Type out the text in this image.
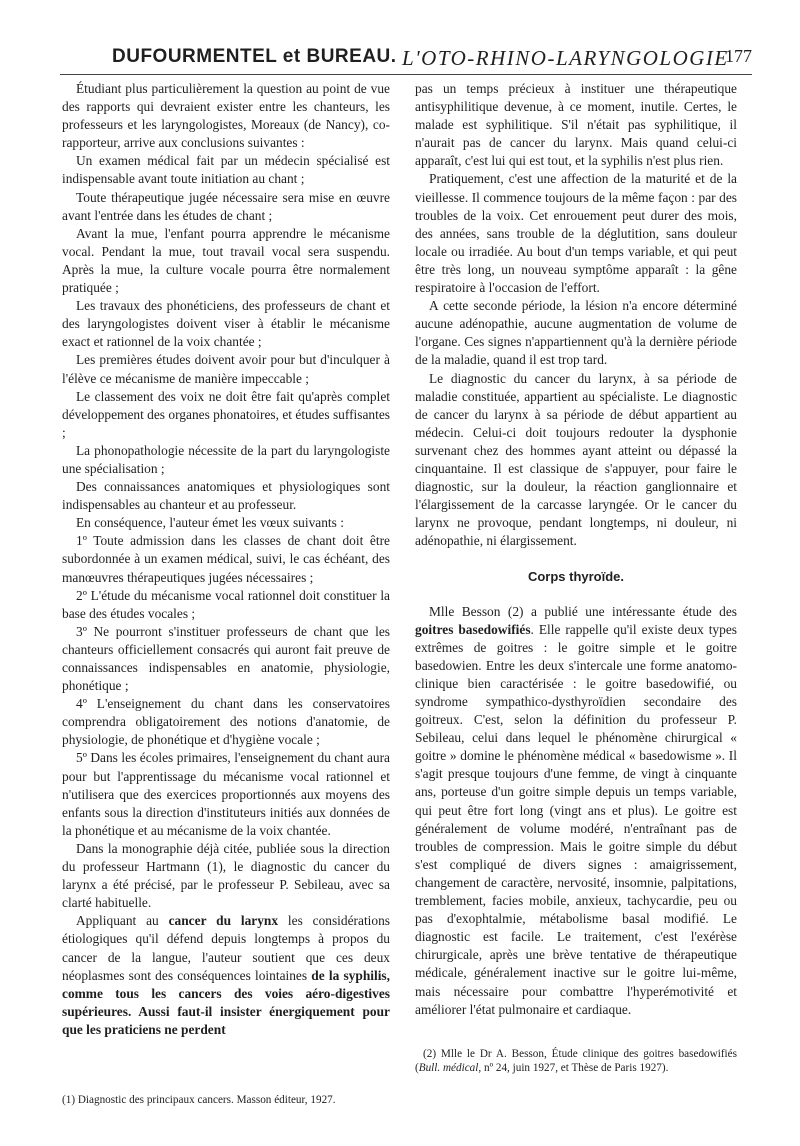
DUFOURMENTEL et BUREAU. L'OTO-RHINO-LARYNGOLOGIE
177

Étudiant plus particulièrement la question au point de vue des rapports qui devraient exister entre les chanteurs, les professeurs et les laryngologistes, Moreaux (de Nancy), co-rapporteur, arrive aux conclusions suivantes :

Un examen médical fait par un médecin spécialisé est indispensable avant toute initiation au chant ;

Toute thérapeutique jugée nécessaire sera mise en œuvre avant l'entrée dans les études de chant ;

Avant la mue, l'enfant pourra apprendre le mécanisme vocal. Pendant la mue, tout travail vocal sera suspendu. Après la mue, la culture vocale pourra être normalement pratiquée ;

Les travaux des phonéticiens, des professeurs de chant et des laryngologistes doivent viser à établir le mécanisme exact et rationnel de la voix chantée ;

Les premières études doivent avoir pour but d'inculquer à l'élève ce mécanisme de manière impeccable ;

Le classement des voix ne doit être fait qu'après complet développement des organes phonatoires, et études suffisantes ;

La phonopathologie nécessite de la part du laryngologiste une spécialisation ;

Des connaissances anatomiques et physiologiques sont indispensables au chanteur et au professeur.

En conséquence, l'auteur émet les vœux suivants :

1º Toute admission dans les classes de chant doit être subordonnée à un examen médical, suivi, le cas échéant, des manœuvres thérapeutiques jugées nécessaires ;

2º L'étude du mécanisme vocal rationnel doit constituer la base des études vocales ;

3º Ne pourront s'instituer professeurs de chant que les chanteurs officiellement consacrés qui auront fait preuve de connaissances indispensables en anatomie, physiologie, phonétique ;

4º L'enseignement du chant dans les conservatoires comprendra obligatoirement des notions d'anatomie, de physiologie, de phonétique et d'hygiène vocale ;

5º Dans les écoles primaires, l'enseignement du chant aura pour but l'apprentissage du mécanisme vocal rationnel et n'utilisera que des exercices proportionnés aux moyens des enfants sous la direction d'instituteurs initiés aux données de la phonétique et au mécanisme de la voix chantée.

Dans la monographie déjà citée, publiée sous la direction du professeur Hartmann (1), le diagnostic du cancer du larynx a été précisé, par le professeur P. Sebileau, avec sa clarté habituelle.

Appliquant au cancer du larynx les considérations étiologiques qu'il défend depuis longtemps à propos du cancer de la langue, l'auteur soutient que ces deux néoplasmes sont des conséquences lointaines de la syphilis, comme tous les cancers des voies aéro-digestives supérieures. Aussi faut-il insister énergiquement pour que les praticiens ne perdent

(1) Diagnostic des principaux cancers. Masson éditeur, 1927.

pas un temps précieux à instituer une thérapeutique antisyphilitique devenue, à ce moment, inutile. Certes, le malade est syphilitique. S'il n'était pas syphilitique, il n'aurait pas de cancer du larynx. Mais quand celui-ci apparaît, c'est lui qui est tout, et la syphilis n'est plus rien.

Pratiquement, c'est une affection de la maturité et de la vieillesse. Il commence toujours de la même façon : par des troubles de la voix. Cet enrouement peut durer des mois, des années, sans trouble de la déglutition, sans douleur locale ou irradiée. Au bout d'un temps variable, et qui peut être très long, un nouveau symptôme apparaît : la gêne respiratoire à l'occasion de l'effort.

A cette seconde période, la lésion n'a encore déterminé aucune adénopathie, aucune augmentation de volume de l'organe. Ces signes n'appartiennent qu'à la dernière période de la maladie, quand il est trop tard.

Le diagnostic du cancer du larynx, à sa période de maladie constituée, appartient au spécialiste. Le diagnostic de cancer du larynx à sa période de début appartient au médecin. Celui-ci doit toujours redouter la dysphonie survenant chez des hommes ayant atteint ou dépassé la cinquantaine. Il est classique de s'appuyer, pour faire le diagnostic, sur la douleur, la réaction ganglionnaire et l'élargissement de la carcasse laryngée. Or le cancer du larynx ne provoque, pendant longtemps, ni douleur, ni adénopathie, ni élargissement.

Corps thyroïde.

Mlle Besson (2) a publié une intéressante étude des goitres basedowifiés. Elle rappelle qu'il existe deux types extrêmes de goitres : le goitre simple et le goitre basedowien. Entre les deux s'intercale une forme anatomo-clinique bien caractérisée : le goitre basedowifié, ou syndrome sympathico-dysthyroïdien secondaire des goitreux. C'est, selon la définition du professeur P. Sebileau, celui dans lequel le phénomène chirurgical « goitre » domine le phénomène médical « basedowisme ». Il s'agit presque toujours d'une femme, de vingt à cinquante ans, porteuse d'un goitre simple depuis un temps variable, qui peut être fort long (vingt ans et plus). Le goitre est généralement de volume modéré, n'entraînant pas de troubles de compression. Mais le goitre simple du début s'est compliqué de divers signes : amaigrissement, changement de caractère, nervosité, insomnie, palpitations, tremblement, facies mobile, anxieux, tachycardie, peu ou pas d'exophtalmie, métabolisme basal modifié. Le diagnostic est facile. Le traitement, c'est l'exérèse chirurgicale, après une brève tentative de thérapeutique médicale, généralement inactive sur le goitre lui-même, mais nécessaire pour combattre l'hyperémotivité et améliorer l'état pulmonaire et cardiaque.

(2) Mlle le Dr A. Besson, Étude clinique des goitres basedowifiés (Bull. médical, nº 24, juin 1927, et Thèse de Paris 1927).
